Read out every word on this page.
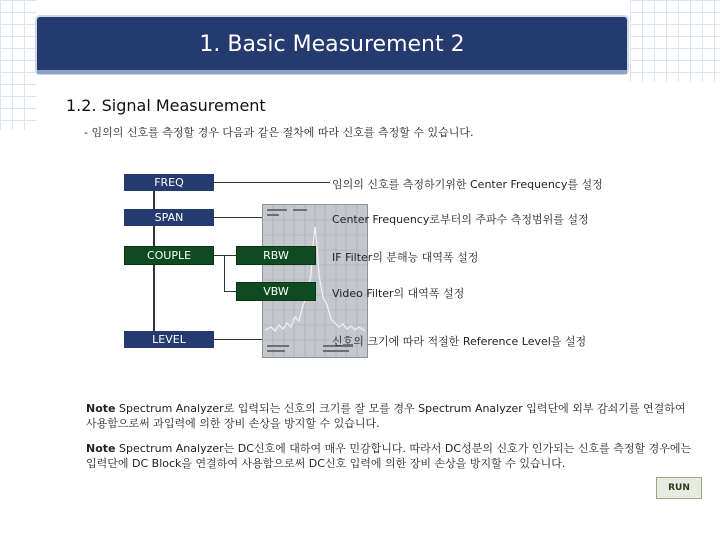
1. Basic Measurement 2
1.2. Signal Measurement
- 임의의 신호를 측정할 경우 다음과 같은 절차에 따라 신호를 측정할 수 있습니다.
FREQ
SPAN
COUPLE	RBW
VBW
LEVEL
임의의 신호를 측정하기위한 Center Frequency를 설정
Center Frequency로부터의 주파수 측정범위를 설정
IF Filter의 분해능 대역폭 설정
Video Filter의 대역폭 설정
신호의 크기에 따라 적절한 Reference Level을 설정
Note Spectrum Analyzer로 입력되는 신호의 크기를 잘 모를 경우 Spectrum Analyzer 입력단에 외부 감쇠기를 연결하여 사용함으로써 과입력에 의한 장비 손상을 방지할 수 있습니다.
Note Spectrum Analyzer는 DC신호에 대하여 매우 민감합니다. 따라서 DC성분의 신호가 인가되는 신호를 측정할 경우에는 입력단에 DC Block을 연결하여 사용함으로써 DC신호 입력에 의한 장비 손상을 방지할 수 있습니다.
RUN
